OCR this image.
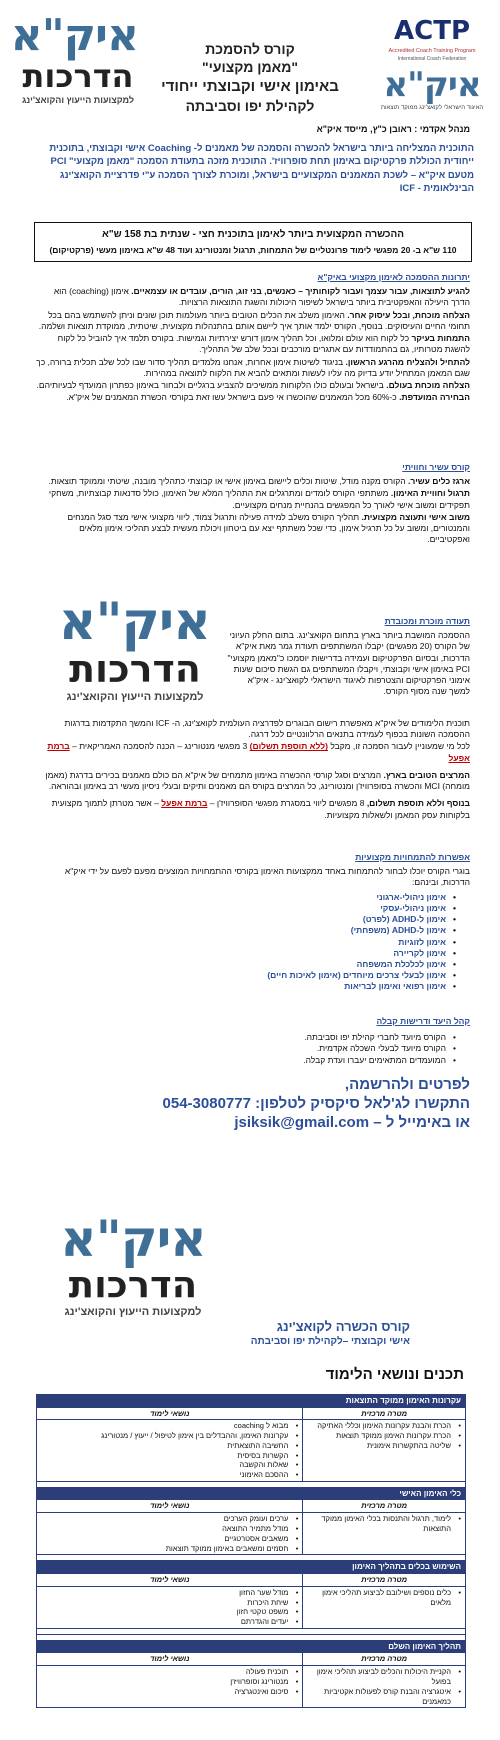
איק"א
הדרכות
למקצועות הייעוץ והקואצ'ינג
ACTP
Accredited Coach Training Program
International Coach Federation
איק"א
האיגוד הישראלי לקואצ'ינג ממוקד תוצאות
קורס להסמכת
"מאמן מקצועי"
באימון אישי וקבוצתי ייחודי
לקהילת יפו וסביבתה
מנהל אקדמי : ראובן כ"ץ, מייסד איק"א
התוכנית המצליחה ביותר בישראל להכשרה והסמכה של מאמנים ל- Coaching אישי וקבוצתי, בתוכנית ייחודית הכוללת פרקטיקום באימון תחת סופרוויז'. התוכנית מזכה בתעודת הסמכה "מאמן מקצועי" PCI מטעם איק"א – לשכת המאמנים המקצועיים בישראל, ומוכרת לצורך הסמכה ע"י פדרציית הקואצ'ינג הבינלאומית - ICF
ההכשרה המקצועית ביותר לאימון בתוכנית חצי - שנתית בת 158 ש"א
110 ש"א ב- 20 מפגשי לימוד פרונטליים של התמחות, תרגול ומנטורינג ועוד 48 ש"א באימון מעשי (פרקטיקום)
יתרונות ההסמכה לאימון מקצועי באיק"א

להגיע לתוצאות, עבור עצמך ועבור לקוחותיך – כאנשים, בני זוג, הורים, עובדים או עצמאיים. אימון (coaching) הוא הדרך היעילה והאפקטיבית ביותר בישראל לשיפור היכולות והשגת התוצאות הרצויות.

הצלחה מוכחת, ובכל עיסוק אחר. האימון משלב את הכלים הטובים ביותר מעולמות תוכן שונים וניתן להשתמש בהם בכל תחומי החיים והעיסוקים. בנוסף, הקורס ילמד אותך איך ליישם אותם בהתנהלות מקצועית, שיטתית, ממוקדת תוצאות ושלמה.

התמחות בעיקר כל לקוח הוא עולם ומלואו, וכל תהליך אימון דורש יצירתיות וגמישות. בקורס תלמד איך להוביל כל לקוח להשגת מטרותיו, גם בהתמודדות עם אתגרים מורכבים ובכל שלב של התהליך.

להתחיל ולהצליח מהרגע הראשון. בניגוד לשיטות אימון אחרות, אנחנו מלמדים תהליך סדור שבו לכל שלב תכלית ברורה, כך שגם המאמן המתחיל יודע בדיוק מה עליו לעשות ומתאים להביא את הלקוח לתוצאה במהירות.

הצלחה מוכחת בעולם. בישראל ובעולם כולו הלקוחות ממשיכים להצביע ברגליים ולבחור באימון כפתרון המועדף לבעיותיהם.

הבחירה המועדפת. כ-60% מכל המאמנים שהוכשרו אי פעם בישראל עשו זאת בקורסי הכשרת המאמנים של איק"א.

קורס עשיר וחוויתי

ארגז כלים עשיר. הקורס מקנה מודל, שיטות וכלים ליישום באימון אישי או קבוצתי כתהליך מובנה, שיטתי וממוקד תוצאות.

תרגול וחוויית האימון. משתתפי הקורס לומדים ומתרגלים את התהליך המלא של האימון, כולל סדנאות קבוצתיות, משחקי תפקידים ומשוב אישי לאורך כל המפגשים בהנחיית מנחים מקצועיים.

משוב אישי ותעוצה מקצועית. תהליך הקורס משלב למידה פעילה ותרגול צמוד, ליווי מקצועי אישי מצד סגל המנחים והמנטורים, ומשוב על כל תרגיל אימון, כדי שכל משתתף יצא עם ביטחון ויכולת מעשית לבצע תהליכי אימון מלאים ואפקטיביים.

איק"א
הדרכות
למקצועות הייעוץ והקואצ'ינג
תעודה מוכרת ומכובדת

ההסמכה המושבת ביותר בארץ בתחום הקואצ'ינג. בתום החלק העיוני של הקורס (20 מפגשים) יקבלו המשתתפים תעודת גמר מאת איק"א הדרכות, ובסיום הפרקטיקום ועמידה בדרישות יוסמכו כ"מאמן מקצועי" PCI באימון אישי וקבוצתי, ויקבלו המשתתפים גם הגשת סיכום שעות אימוני הפרקטיקום והצטרפות לאיגוד הישראלי לקואצ'ינג - איק"א למשך שנה מסוף הקורס.

תוכנית הלימודים של איק"א מאפשרת רישום הבוגרים לפדרציה העולמית לקואצ'ינג, ה- ICF והמשך התקדמות בדרגות ההסמכה השונות בכפוף לעמידה בתנאים הרלוונטיים לכל דרגה.

לכל מי שמעוניין לעבור הסמכה זו, מקבל (ללא תוספת תשלום) 3 מפגשי מנטורינג – הכנה להסמכה האמריקאית – ברמת אפעל

המרצים הטובים בארץ. המרצים וסגל קורסי ההכשרה באימון מתמחים של איק"א הם כולם מאמנים בכירים בדרגת (מאמן מומחה) MCI והכשרה בסופרוויז'ן ומנטורינג, כל המרצים בקורס הם מאמנים ותיקים ובעלי ניסיון מעשי רב באימון ובהוראה.

בנוסף וללא תוספת תשלום, 8 מפגשים ליווי במסגרת מפגשי הסופרוויז'ן – ברמת אפעל – אשר מטרתן לתמוך מקצועית בלקוחות עסק המאמן ולשאלות מקצועיות.

אפשרות להתמחויות מקצועיות

בוגרי הקורס יוכלו לבחור להתמחות באחד ממקצועות האימון בקורסי ההתמחויות המוצעים מפעם לפעם על ידי איק"א הדרכות, ובינהם:

• אימון ניהולי-ארגוני
• אימון ניהולי-עסקי
• אימון ל-ADHD (לפרט)
• אימון ל-ADHD (משפחתי)
• אימון לזוגיות
• אימון לקריירה
• אימון לכלכלת המשפחה
• אימון לבעלי צרכים מיוחדים (אימון לאיכות חיים)
• אימון רפואי ואימון לבריאות
קהל היעד ודרישות קבלה
• הקורס מיועד לחברי קהילת יפו וסביבתה.
• הקורס מיועד לבעלי השכלה אקדמית.
• המועמדים המתאימים יעברו ועדת קבלה.
לפרטים ולהרשמה,
התקשרו לג'לאל סיקסיק לטלפון: 054-3080777
או באימייל ל – jsiksik@gmail.com
איק"א
הדרכות
למקצועות הייעוץ והקואצ'ינג
קורס הכשרה לקואצ'ינג
אישי וקבוצתי –לקהילת יפו וסביבתה
תכנים ונושאי הלימוד
עקרונות האימון ממוקד התוצאות
מטרה מרכזית
נושאי לימוד
• הכרת והבנת עקרונות האימון וכללי האתיקה
• הכרת עקרונות האימון ממוקד תוצאות
• שליטה בהתקשרות אימונית
• מבוא ל coaching
• עקרונות האימון, וההבדלים בין אימון לטיפול / ייעוץ / מנטורינג
• החשיבה התוצאתית
• הקשרות בסיסית
• שאלות והקשבה
• ההסכם האימוני
כלי האימון האישי
מטרה מרכזית
נושאי לימוד
• לימוד, תרגול והתנסות בכלי האימון ממוקד התוצאות
• ערכים ועומק הערכים
• מודל מתמיר התוצאה
• משאבים אסטרטגיים
• חסמים ומשאבים באימון ממוקד תוצאות
השימוש בכלים בתהליך האימון
מטרה מרכזית
נושאי לימוד
• כלים נוספים ושילובם לביצוע תהליכי אימון מלאים
• מודל שער החזון
• שיחת היכרות
• משפט טקטי חזון
• יעדים והגדרתם
תהליך האימון השלם
מטרה מרכזית
נושאי לימוד
• הקניית היכולות והכלים לביצוע תהליכי אימון בפועל
• איטגרציה והבנת קורס לפעולות אקטיביות כמאמנים
• תוכנית פעולה
• מנטורינג וסופרוויז'ן
• סיכום ואינטגרציה
